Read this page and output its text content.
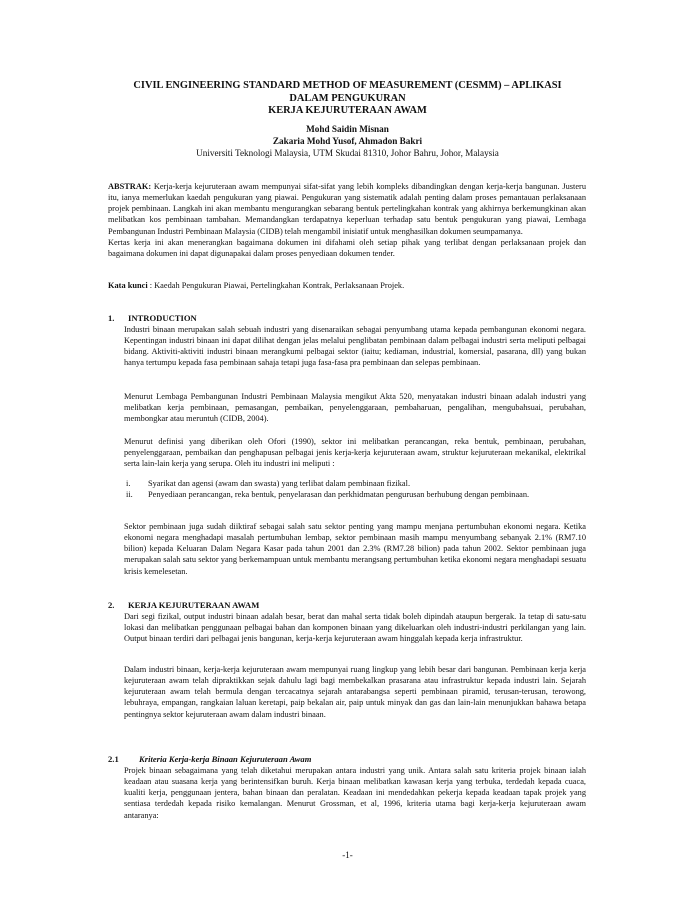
CIVIL ENGINEERING STANDARD METHOD OF MEASUREMENT (CESMM) – APLIKASI
DALAM PENGUKURAN
KERJA KEJURUTERAAN AWAM
Mohd Saidin Misnan
Zakaria Mohd Yusof, Ahmadon Bakri
Universiti Teknologi Malaysia, UTM Skudai 81310, Johor Bahru, Johor, Malaysia
ABSTRAK: Kerja-kerja kejuruteraan awam mempunyai sifat-sifat yang lebih kompleks dibandingkan dengan kerja-kerja bangunan. Justeru itu, ianya memerlukan kaedah pengukuran yang piawai. Pengukuran yang sistematik adalah penting dalam proses pemantauan perlaksanaan projek pembinaan. Langkah ini akan membantu mengurangkan sebarang bentuk pertelingkahan kontrak yang akhirnya berkemungkinan akan melibatkan kos pembinaan tambahan. Memandangkan terdapatnya keperluan terhadap satu bentuk pengukuran yang piawai, Lembaga Pembangunan Industri Pembinaan Malaysia (CIDB) telah mengambil inisiatif untuk menghasilkan dokumen seumpamanya.
Kertas kerja ini akan menerangkan bagaimana dokumen ini difahami oleh setiap pihak yang terlibat dengan perlaksanaan projek dan bagaimana dokumen ini dapat digunapakai dalam proses penyediaan dokumen tender.
Kata kunci : Kaedah Pengukuran Piawai, Pertelingkahan Kontrak, Perlaksanaan Projek.
1. INTRODUCTION
Industri binaan merupakan salah sebuah industri yang disenaraikan sebagai penyumbang utama kepada pembangunan ekonomi negara. Kepentingan industri binaan ini dapat dilihat dengan jelas melalui penglibatan pembinaan dalam pelbagai industri serta meliputi pelbagai bidang. Aktiviti-aktiviti industri binaan merangkumi pelbagai sektor (iaitu; kediaman, industrial, komersial, pasarana, dll) yang bukan hanya tertumpu kepada fasa pembinaan sahaja tetapi juga fasa-fasa pra pembinaan dan selepas pembinaan.
Menurut Lembaga Pembangunan Industri Pembinaan Malaysia mengikut Akta 520, menyatakan industri binaan adalah industri yang melibatkan kerja pembinaan, pemasangan, pembaikan, penyelenggaraan, pembaharuan, pengalihan, mengubahsuai, perubahan, membongkar atau meruntuh (CIDB, 2004).
Menurut definisi yang diberikan oleh Ofori (1990), sektor ini melibatkan perancangan, reka bentuk, pembinaan, perubahan, penyelenggaraan, pembaikan dan penghapusan pelbagai jenis kerja-kerja kejuruteraan awam, struktur kejuruteraan mekanikal, elektrikal serta lain-lain kerja yang serupa. Oleh itu industri ini meliputi :
i. Syarikat dan agensi (awam dan swasta) yang terlibat dalam pembinaan fizikal.
ii. Penyediaan perancangan, reka bentuk, penyelarasan dan perkhidmatan pengurusan berhubung dengan pembinaan.
Sektor pembinaan juga sudah diiktiraf sebagai salah satu sektor penting yang mampu menjana pertumbuhan ekonomi negara. Ketika ekonomi negara menghadapi masalah pertumbuhan lembap, sektor pembinaan masih mampu menyumbang sebanyak 2.1% (RM7.10 bilion) kepada Keluaran Dalam Negara Kasar pada tahun 2001 dan 2.3% (RM7.28 bilion) pada tahun 2002. Sektor pembinaan juga merupakan salah satu sektor yang berkemampuan untuk membantu merangsang pertumbuhan ketika ekonomi negara menghadapi sesuatu krisis kemelesetan.
2. KERJA KEJURUTERAAN AWAM
Dari segi fizikal, output industri binaan adalah besar, berat dan mahal serta tidak boleh dipindah ataupun bergerak. Ia tetap di satu-satu lokasi dan melibatkan penggunaan pelbagai bahan dan komponen binaan yang dikeluarkan oleh industri-industri perkilangan yang lain. Output binaan terdiri dari pelbagai jenis bangunan, kerja-kerja kejuruteraan awam hinggalah kepada kerja infrastruktur.
Dalam industri binaan, kerja-kerja kejuruteraan awam mempunyai ruang lingkup yang lebih besar dari bangunan. Pembinaan kerja kerja kejuruteraan awam telah dipraktikkan sejak dahulu lagi bagi membekalkan prasarana atau infrastruktur kepada industri lain. Sejarah kejuruteraan awam telah bermula dengan tercacatnya sejarah antarabangsa seperti pembinaan piramid, terusan-terusan, terowong, lebuhraya, empangan, rangkaian laluan keretapi, paip bekalan air, paip untuk minyak dan gas dan lain-lain menunjukkan bahawa betapa pentingnya sektor kejuruteraan awam dalam industri binaan.
2.1 Kriteria Kerja-kerja Binaan Kejuruteraan Awam
Projek binaan sebagaimana yang telah diketahui merupakan antara industri yang unik. Antara salah satu kriteria projek binaan ialah keadaan atau suasana kerja yang berintensifkan buruh. Kerja binaan melibatkan kawasan kerja yang terbuka, terdedah kepada cuaca, kualiti kerja, penggunaan jentera, bahan binaan dan peralatan. Keadaan ini mendedahkan pekerja kepada keadaan tapak projek yang sentiasa terdedah kepada risiko kemalangan. Menurut Grossman, et al, 1996, kriteria utama bagi kerja-kerja kejuruteraan awam antaranya:
-1-
